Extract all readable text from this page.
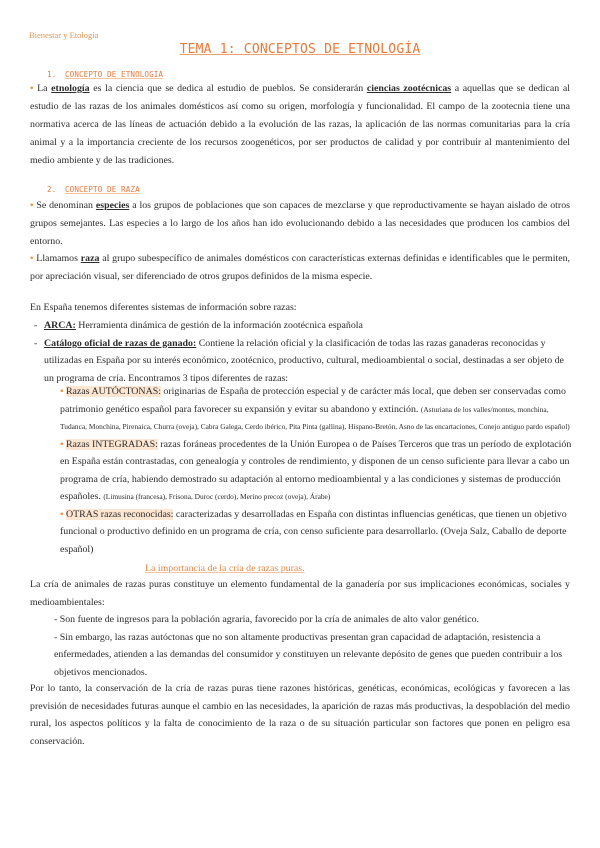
Bienestar y Etología
TEMA 1: CONCEPTOS DE ETNOLOGÍA
1. CONCEPTO DE ETNOLOGÍA
• La etnología es la ciencia que se dedica al estudio de pueblos. Se considerarán ciencias zootécnicas a aquellas que se dedican al estudio de las razas de los animales domésticos así como su origen, morfología y funcionalidad. El campo de la zootecnia tiene una normativa acerca de las líneas de actuación debido a la evolución de las razas, la aplicación de las normas comunitarias para la cría animal y a la importancia creciente de los recursos zoogenéticos, por ser productos de calidad y por contribuir al mantenimiento del medio ambiente y de las tradiciones.
2. CONCEPTO DE RAZA
• Se denominan especies a los grupos de poblaciones que son capaces de mezclarse y que reproductivamente se hayan aislado de otros grupos semejantes. Las especies a lo largo de los años han ido evolucionando debido a las necesidades que producen los cambios del entorno.
• Llamamos raza al grupo subespecífico de animales domésticos con características externas definidas e identificables que le permiten, por apreciación visual, ser diferenciado de otros grupos definidos de la misma especie.
En España tenemos diferentes sistemas de información sobre razas:
- ARCA: Herramienta dinámica de gestión de la información zootécnica española
- Catálogo oficial de razas de ganado: Contiene la relación oficial y la clasificación de todas las razas ganaderas reconocidas y utilizadas en España por su interés económico, zootécnico, productivo, cultural, medioambiental o social, destinadas a ser objeto de un programa de cría. Encontramos 3 tipos diferentes de razas:
• Razas AUTÓCTONAS: originarias de España de protección especial y de carácter más local, que deben ser conservadas como patrimonio genético español para favorecer su expansión y evitar su abandono y extinción. (Asturiana de los valles/montes, monchina, Tudanca, Monchina, Pirenaica, Churra (oveja), Cabra Galega, Cerdo ibérico, Pita Pinta (gallina), Hispano-Bretón, Asno de las encartaciones, Conejo antiguo pardo español)
• Razas INTEGRADAS: razas foráneas procedentes de la Unión Europea o de Países Terceros que tras un período de explotación en España están contrastadas, con genealogía y controles de rendimiento, y disponen de un censo suficiente para llevar a cabo un programa de cría, habiendo demostrado su adaptación al entorno medioambiental y a las condiciones y sistemas de producción españoles. (Limusina (francesa), Frisona, Duroc (cerdo), Merino precoz (oveja), Árabe)
• OTRAS razas reconocidas: caracterizadas y desarrolladas en España con distintas influencias genéticas, que tienen un objetivo funcional o productivo definido en un programa de cría, con censo suficiente para desarrollarlo. (Oveja Salz, Caballo de deporte español)
La importancia de la cría de razas puras.
La cría de animales de razas puras constituye un elemento fundamental de la ganadería por sus implicaciones económicas, sociales y medioambientales:
- Son fuente de ingresos para la población agraria, favorecido por la cría de animales de alto valor genético.
- Sin embargo, las razas autóctonas que no son altamente productivas presentan gran capacidad de adaptación, resistencia a enfermedades, atienden a las demandas del consumidor y constituyen un relevante depósito de genes que pueden contribuir a los objetivos mencionados.
Por lo tanto, la conservación de la cría de razas puras tiene razones históricas, genéticas, económicas, ecológicas y favorecen a las previsión de necesidades futuras aunque el cambio en las necesidades, la aparición de razas más productivas, la despoblación del medio rural, los aspectos políticos y la falta de conocimiento de la raza o de su situación particular son factores que ponen en peligro esa conservación.
